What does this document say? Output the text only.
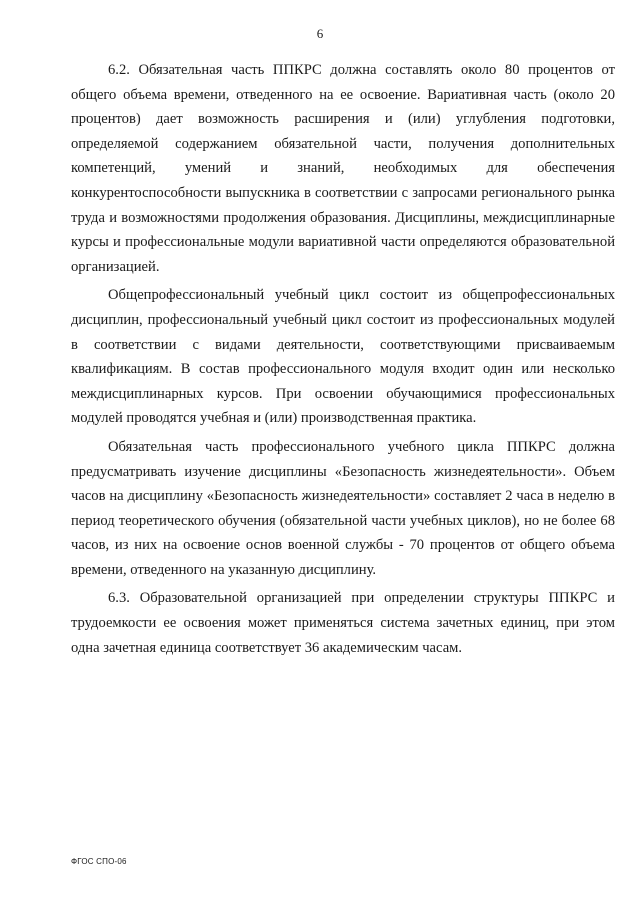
6

6.2. Обязательная часть ППКРС должна составлять около 80 процентов от общего объема времени, отведенного на ее освоение. Вариативная часть (около 20 процентов) дает возможность расширения и (или) углубления подготовки, определяемой содержанием обязательной части, получения дополнительных компетенций, умений и знаний, необходимых для обеспечения конкурентоспособности выпускника в соответствии с запросами регионального рынка труда и возможностями продолжения образования. Дисциплины, междисциплинарные курсы и профессиональные модули вариативной части определяются образовательной организацией.

Общепрофессиональный учебный цикл состоит из общепрофессиональных дисциплин, профессиональный учебный цикл состоит из профессиональных модулей в соответствии с видами деятельности, соответствующими присваиваемым квалификациям. В состав профессионального модуля входит один или несколько междисциплинарных курсов. При освоении обучающимися профессиональных модулей проводятся учебная и (или) производственная практика.

Обязательная часть профессионального учебного цикла ППКРС должна предусматривать изучение дисциплины «Безопасность жизнедеятельности». Объем часов на дисциплину «Безопасность жизнедеятельности» составляет 2 часа в неделю в период теоретического обучения (обязательной части учебных циклов), но не более 68 часов, из них на освоение основ военной службы - 70 процентов от общего объема времени, отведенного на указанную дисциплину.

6.3. Образовательной организацией при определении структуры ППКРС и трудоемкости ее освоения может применяться система зачетных единиц, при этом одна зачетная единица соответствует 36 академическим часам.

ФГОС СПО-06
